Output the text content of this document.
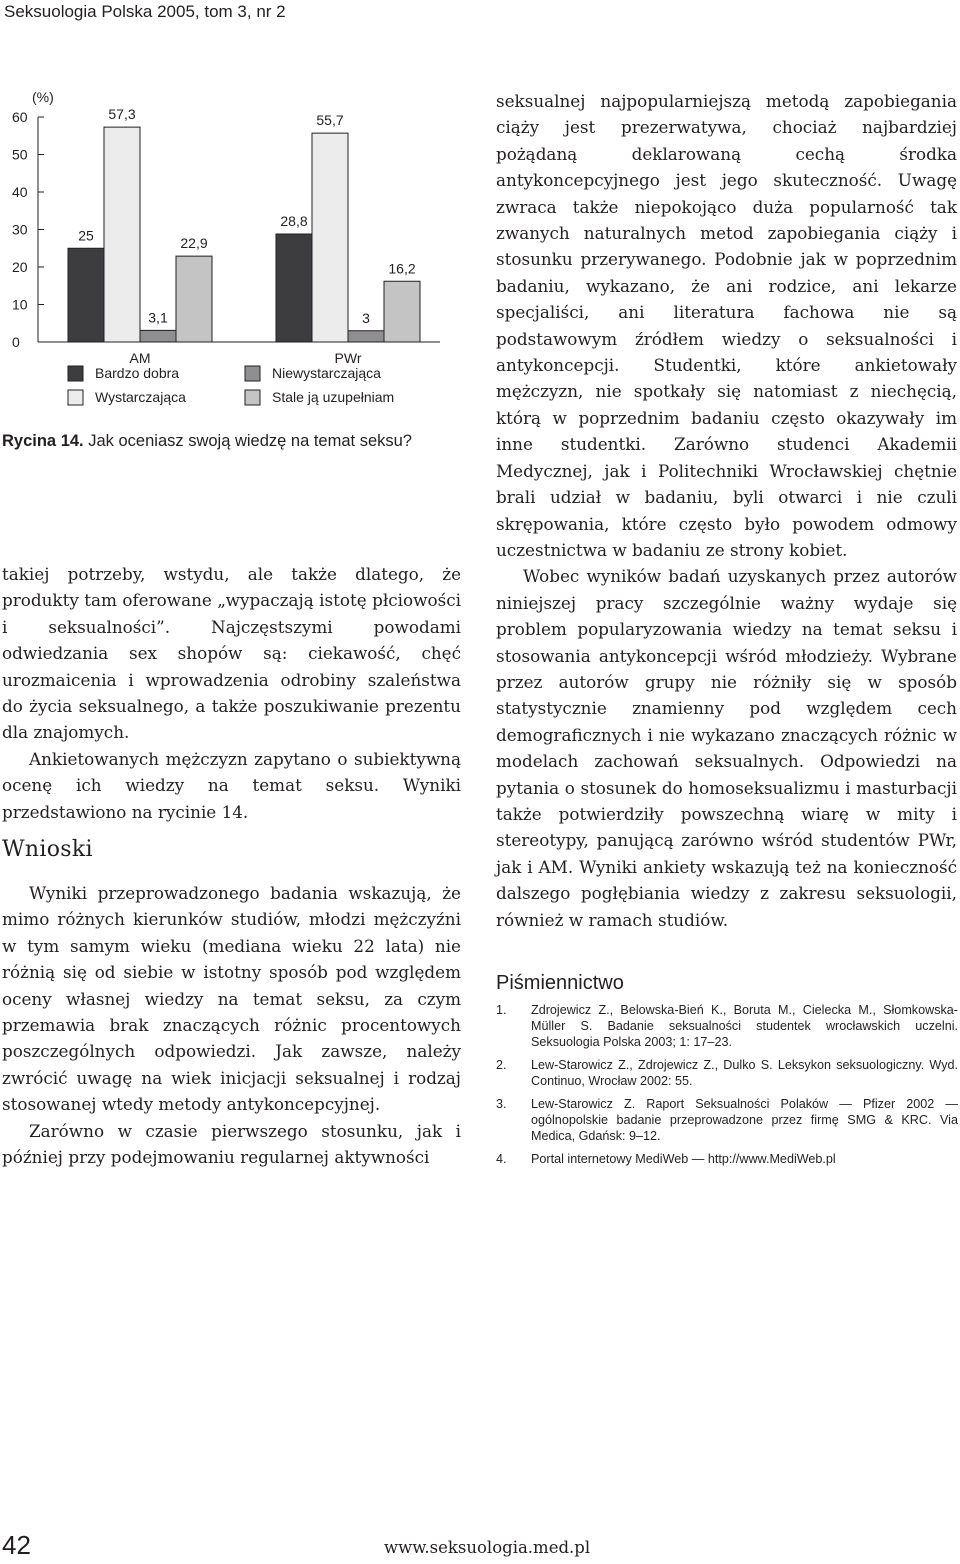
Seksuologia Polska 2005, tom 3, nr 2
(%)
0
10
20
30
40
50
60
25
57,3
3,1
22,9
AM
28,8
55,7
3
16,2
PWr
Bardzo dobra	Niewystarczająca
Wystarczająca	Stale ją uzupełniam
Rycina 14. Jak oceniasz swoją wiedzę na temat seksu?

takiej potrzeby, wstydu, ale także dlatego, że produkty tam oferowane „wypaczają istotę płciowości i seksualności”. Najczęstszymi powodami odwiedzania sex shopów są: ciekawość, chęć urozmaicenia i wprowadzenia odrobiny szaleństwa do życia seksualnego, a także poszukiwanie prezentu dla znajomych.

Ankietowanych mężczyzn zapytano o subiektywną ocenę ich wiedzy na temat seksu. Wyniki przedstawiono na rycinie 14.

Wnioski

Wyniki przeprowadzonego badania wskazują, że mimo różnych kierunków studiów, młodzi mężczyźni w tym samym wieku (mediana wieku 22 lata) nie różnią się od siebie w istotny sposób pod względem oceny własnej wiedzy na temat seksu, za czym przemawia brak znaczących różnic procentowych poszczególnych odpowiedzi. Jak zawsze, należy zwrócić uwagę na wiek inicjacji seksualnej i rodzaj stosowanej wtedy metody antykoncepcyjnej.

Zarówno w czasie pierwszego stosunku, jak i później przy podejmowaniu regularnej aktywności

seksualnej najpopularniejszą metodą zapobiegania ciąży jest prezerwatywa, chociaż najbardziej pożądaną deklarowaną cechą środka antykoncepcyjnego jest jego skuteczność. Uwagę zwraca także niepokojąco duża popularność tak zwanych naturalnych metod zapobiegania ciąży i stosunku przerywanego. Podobnie jak w poprzednim badaniu, wykazano, że ani rodzice, ani lekarze specjaliści, ani literatura fachowa nie są podstawowym źródłem wiedzy o seksualności i antykoncepcji. Studentki, które ankietowały mężczyzn, nie spotkały się natomiast z niechęcią, którą w poprzednim badaniu często okazywały im inne studentki. Zarówno studenci Akademii Medycznej, jak i Politechniki Wrocławskiej chętnie brali udział w badaniu, byli otwarci i nie czuli skrępowania, które często było powodem odmowy uczestnictwa w badaniu ze strony kobiet.

Wobec wyników badań uzyskanych przez autorów niniejszej pracy szczególnie ważny wydaje się problem popularyzowania wiedzy na temat seksu i stosowania antykoncepcji wśród młodzieży. Wybrane przez autorów grupy nie różniły się w sposób statystycznie znamienny pod względem cech demograficznych i nie wykazano znaczących różnic w modelach zachowań seksualnych. Odpowiedzi na pytania o stosunek do homoseksualizmu i masturbacji także potwierdziły powszechną wiarę w mity i stereotypy, panującą zarówno wśród studentów PWr, jak i AM. Wyniki ankiety wskazują też na konieczność dalszego pogłębiania wiedzy z zakresu seksuologii, również w ramach studiów.

Piśmiennictwo
1. Zdrojewicz Z., Belowska-Bień K., Boruta M., Cielecka M., Słomkowska-Müller S. Badanie seksualności studentek wrocławskich uczelni. Seksuologia Polska 2003; 1: 17–23.
2. Lew-Starowicz Z., Zdrojewicz Z., Dulko S. Leksykon seksuologiczny. Wyd. Continuo, Wrocław 2002: 55.
3. Lew-Starowicz Z. Raport Seksualności Polaków — Pfizer 2002 — ogólnopolskie badanie przeprowadzone przez firmę SMG & KRC. Via Medica, Gdańsk: 9–12.
4. Portal internetowy MediWeb — http://www.MediWeb.pl
42	www.seksuologia.med.pl
